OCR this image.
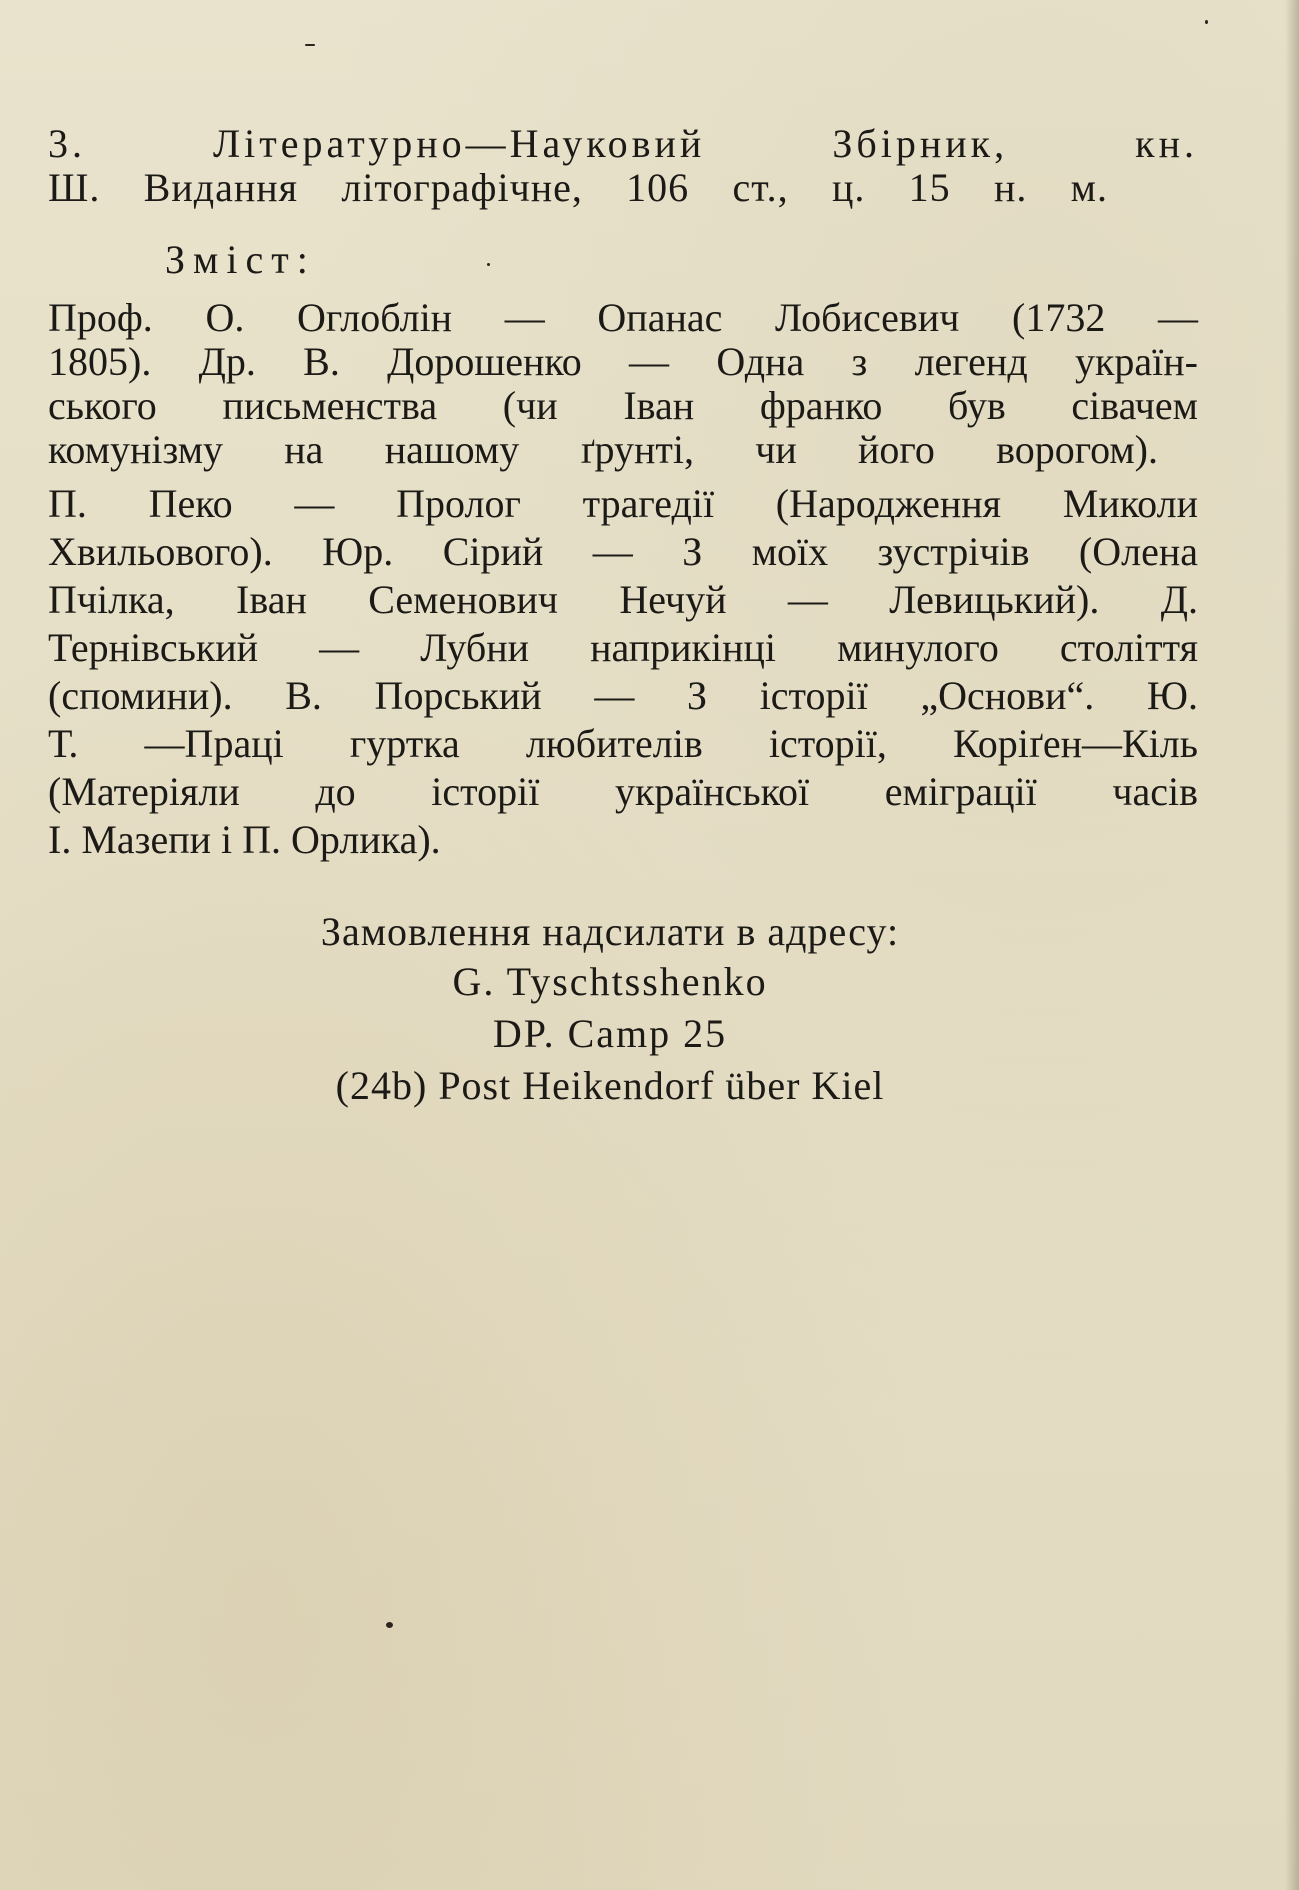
3. Літературно—Науковий Збірник, кн.
Ш. Видання літографічне, 106 ст., ц. 15 н. м.
Зміст:
Проф. О. Оглоблін — Опанас Лобисевич (1732 —
1805). Др. В. Дорошенко — Одна з легенд україн-
ського письменства (чи Іван франко був сівачем
комунізму на нашому ґрунті, чи його ворогом).
П. Пеко — Пролог трагедії (Народження Миколи
Хвильового). Юр. Сірий — З моїх зустрічів (Олена
Пчілка, Іван Семенович Нечуй — Левицький). Д.
Тернівський — Лубни наприкінці минулого століття
(спомини). В. Порський — З історії „Основи“. Ю.
Т. —Праці гуртка любителів історії, Коріґен—Кіль
(Матеріяли до історії української еміграції часів
І. Мазепи і П. Орлика).
Замовлення надсилати в адресу:
G. Tyschtsshenko
DP. Camp 25
(24b) Post Heikendorf über Kiel
